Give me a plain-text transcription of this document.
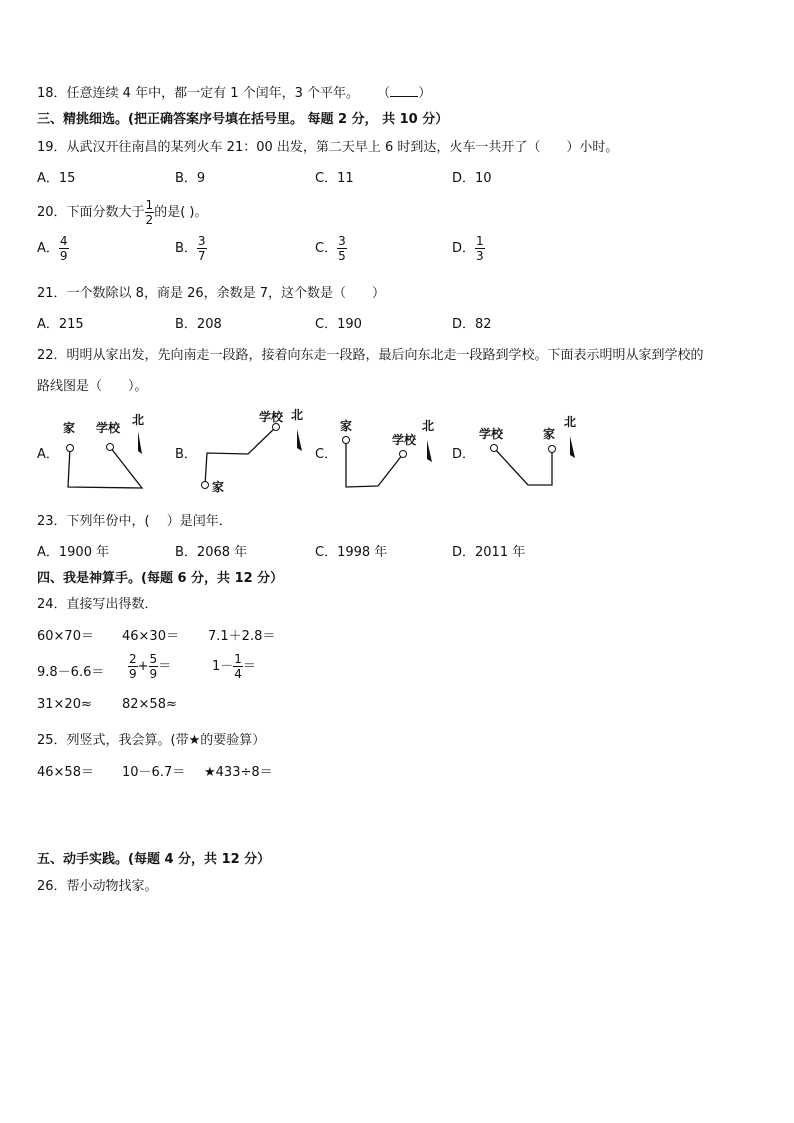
18．任意连续 4 年中，都一定有 1 个闰年，3 个平年。 （ ）
三、精挑细选。(把正确答案序号填在括号里。 每题 2 分， 共 10 分）
19．从武汉开往南昌的某列火车 21：00 出发，第二天早上 6 时到达，火车一共开了（　　）小时。
A．15	B．9	C．11	D．10
20．下面分数大于 $\frac{1}{2}$ 的是( )。
A． $\frac{4}{9}$	B． $\frac{3}{7}$	C． $\frac{3}{5}$	D． $\frac{1}{3}$
21．一个数除以 8，商是 26，余数是 7，这个数是（　　）
A．215	B．208	C．190	D．82
22．明明从家出发，先向南走一段路，接着向东走一段路，最后向东北走一段路到学校。下面表示明明从家到学校的
路线图是（　　）。
A．	B．	C．	D．
家 学校
北	学校 北
家
家
学校
北
学校	家
北
23．下列年份中，(　 ）是闰年．
A．1900 年	B．2068 年	C．1998 年	D．2011 年
四、我是神算手。(每题 6 分，共 12 分）
24．直接写出得数．
60×70＝ 46×30＝ 7.1＋2.8＝
$9.8-6.6= \frac{2}{9} + \frac{5}{9}$ ＝	$1- \frac{1}{4}$ ＝
31×20≈ 82×58≈
25．列竖式，我会算。(带★的要验算）
46×58＝ 10－6.7＝ ★433÷8＝
五、动手实践。(每题 4 分，共 12 分）
26．帮小动物找家。
